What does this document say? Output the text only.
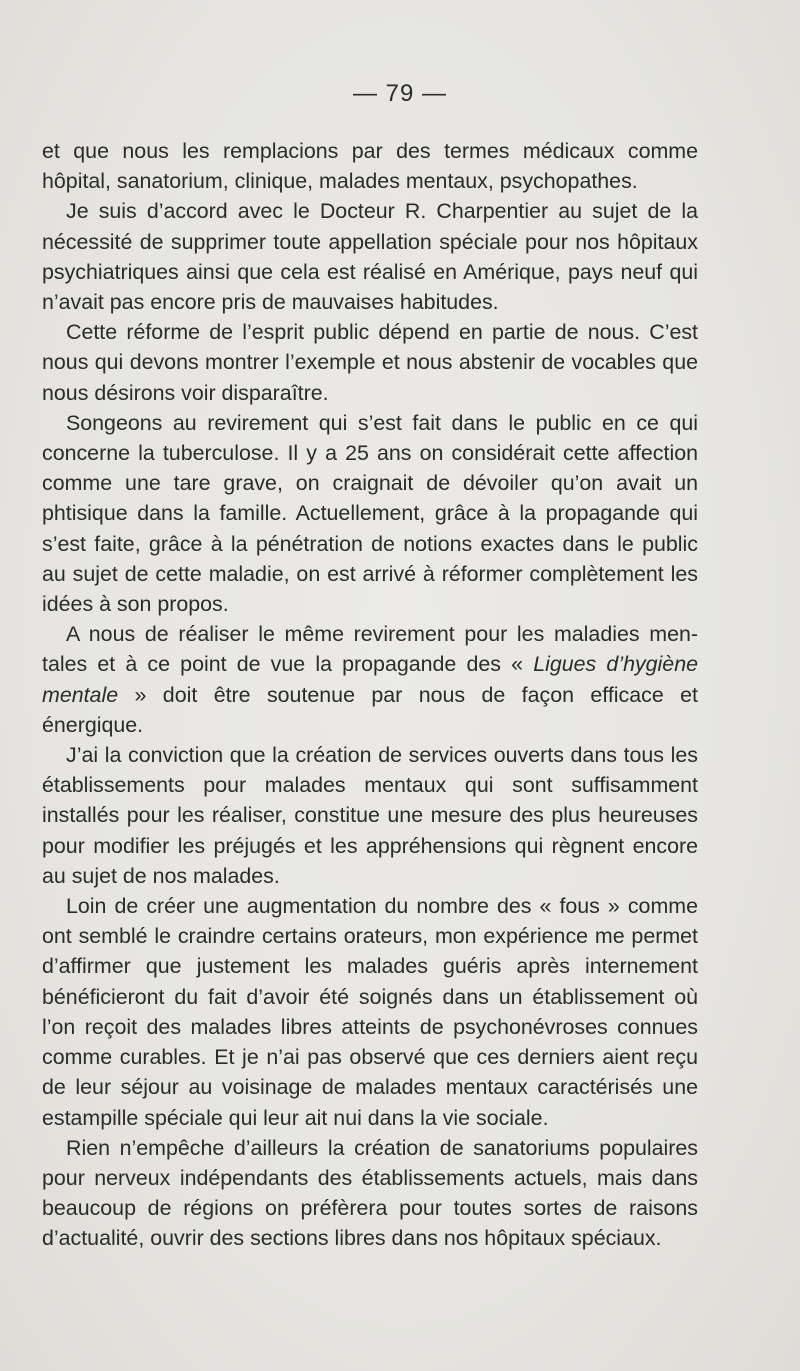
— 79 —

et que nous les remplacions par des termes médicaux comme hôpital, sanatorium, clinique, malades mentaux, psychopathes.

Je suis d’accord avec le Docteur R. Charpentier au sujet de la nécessité de supprimer toute appellation spéciale pour nos hôpitaux psychiatriques ainsi que cela est réalisé en Amérique, pays neuf qui n’avait pas encore pris de mauvaises habitudes.

Cette réforme de l’esprit public dépend en partie de nous. C’est nous qui devons montrer l’exemple et nous abstenir de vocables que nous désirons voir disparaître.

Songeons au revirement qui s’est fait dans le public en ce qui concerne la tuberculose. Il y a 25 ans on considérait cette affection comme une tare grave, on craignait de dévoiler qu’on avait un phtisique dans la famille. Actuellement, grâce à la propagande qui s’est faite, grâce à la pénétration de notions exactes dans le public au sujet de cette maladie, on est arrivé à réformer complètement les idées à son propos.

A nous de réaliser le même revirement pour les maladies mentales et à ce point de vue la propagande des « Ligues d’hygiène mentale » doit être soutenue par nous de façon efficace et énergique.

J’ai la conviction que la création de services ouverts dans tous les établissements pour malades mentaux qui sont suffisamment installés pour les réaliser, constitue une mesure des plus heureuses pour modifier les préjugés et les appréhensions qui règnent encore au sujet de nos malades.

Loin de créer une augmentation du nombre des « fous » comme ont semblé le craindre certains orateurs, mon expérience me permet d’affirmer que justement les malades guéris après internement bénéficieront du fait d’avoir été soignés dans un établissement où l’on reçoit des malades libres atteints de psychonévroses connues comme curables. Et je n’ai pas observé que ces derniers aient reçu de leur séjour au voisinage de malades mentaux caractérisés une estampille spéciale qui leur ait nui dans la vie sociale.

Rien n’empêche d’ailleurs la création de sanatoriums populaires pour nerveux indépendants des établissements actuels, mais dans beaucoup de régions on préfèrera pour toutes sortes de raisons d’actualité, ouvrir des sections libres dans nos hôpitaux spéciaux.
